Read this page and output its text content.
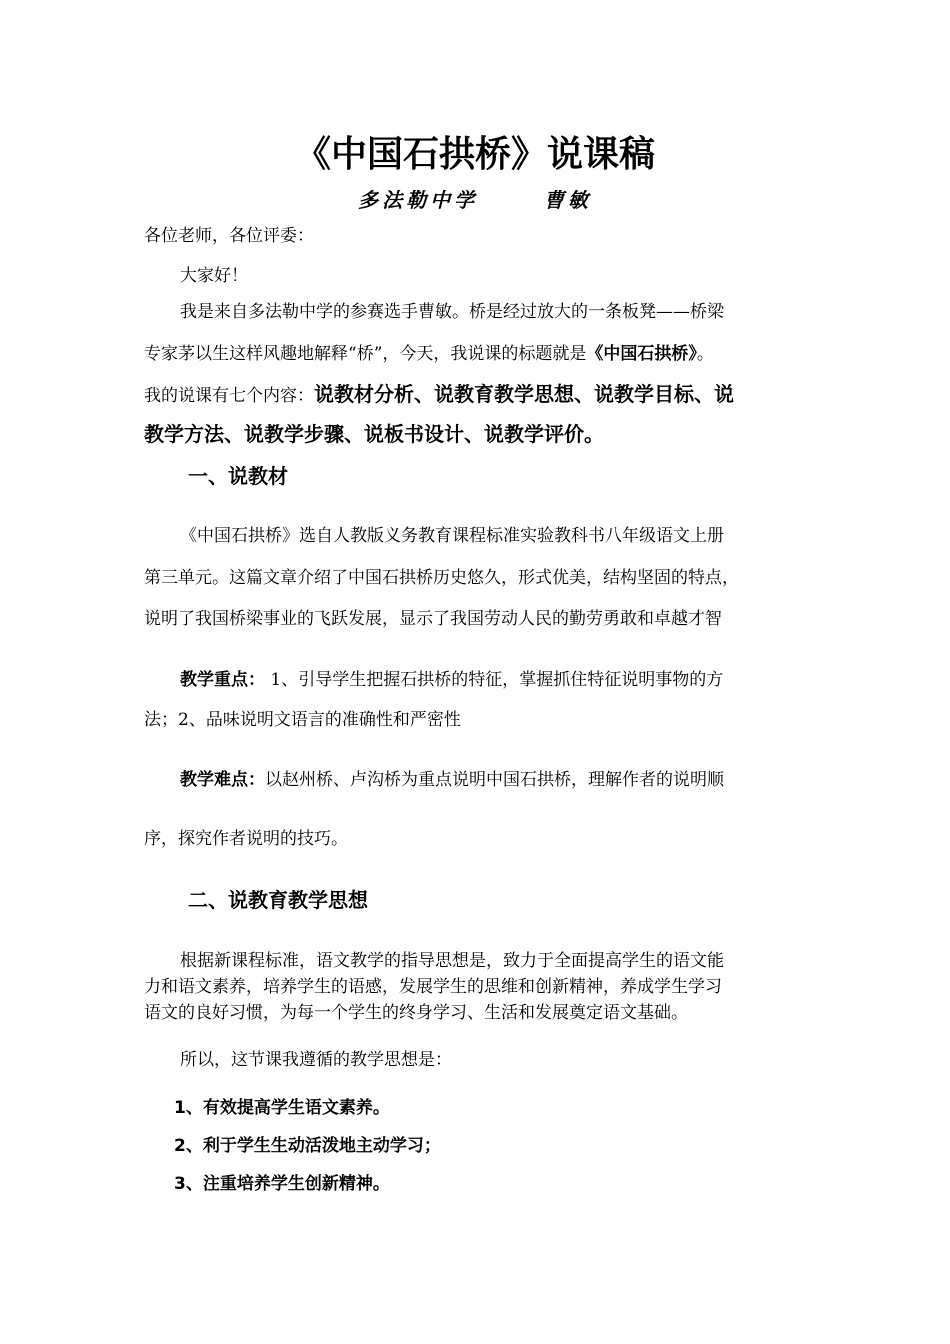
《中国石拱桥》说课稿
多法勒中学      曹敏
各位老师，各位评委：
大家好！
我是来自多法勒中学的参赛选手曹敏。桥是经过放大的一条板凳——桥梁
专家茅以生这样风趣地解释“桥”，今天，我说课的标题就是《中国石拱桥》。
我的说课有七个内容：说教材分析、说教育教学思想、说教学目标、说
教学方法、说教学步骤、说板书设计、说教学评价。
一、说教材
《中国石拱桥》选自人教版义务教育课程标准实验教科书八年级语文上册
第三单元。这篇文章介绍了中国石拱桥历史悠久，形式优美，结构坚固的特点，
说明了我国桥梁事业的飞跃发展，显示了我国劳动人民的勤劳勇敢和卓越才智
教学重点： 1、引导学生把握石拱桥的特征，掌握抓住特征说明事物的方
法；2、品味说明文语言的准确性和严密性
教学难点：以赵州桥、卢沟桥为重点说明中国石拱桥，理解作者的说明顺
序，探究作者说明的技巧。
二、说教育教学思想
根据新课程标准，语文教学的指导思想是，致力于全面提高学生的语文能
力和语文素养，培养学生的语感，发展学生的思维和创新精神，养成学生学习
语文的良好习惯，为每一个学生的终身学习、生活和发展奠定语文基础。
所以，这节课我遵循的教学思想是：
1、有效提高学生语文素养。
2、利于学生生动活泼地主动学习；
3、注重培养学生创新精神。
